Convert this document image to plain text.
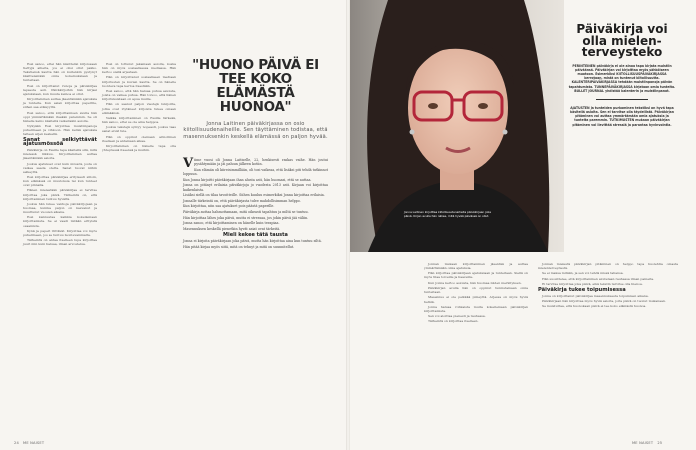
Essi sanoo, ettei hän käsittelisi kirjoissaan tiettyjä aiheita, jos ei olisi ollut pakko. Tekstiensä kautta hän on kuitenkin pystynyt käsittelemään omia kokemuksiaan ja tunteitaan.

Essi on kirjoittanut runoja ja päiväkirjaa lapsesta asti. Päiväkirjoihin hän kirjasi ajatuksiaan, kun muuta keinoa ei ollut.

Kirjoittaminen auttaa jäsentämään ajatuksia ja tunteita. Kun asian kirjoittaa paperille, siihen saa etäisyyttä.

Essi sanoo, että kirjoittamisen avulla hän oppi ymmärtämään itseään paremmin. Se oli hänelle keino käsitellä vaikeitakin asioita.

Nykyään Essi kirjoittaa muistiinpanoja puhelimeen ja vihkoon. Hän kerää ajatuksia talteen arjen keskellä.

Sanat selkiyttävät ajatusmössöä

Päiväkirja on Essille tapa käsitellä sitä, mitä mielessä liikkuu. Kirjoittaminen auttaa jäsentämään asioita.

Joskus ajatukset ovat kuin mössöä, josta on vaikea saada otetta. Sanat tuovat niihin selkeyttä.

Essi kirjoittaa päiväkirjaa erityisesti silloin, kun elämässä on muutoksia tai kun tunteet ovat pinnalla.

Hänen mielestään päiväkirjaa ei tarvitse kirjoittaa joka päivä. Tärkeintä on, että kirjoittaminen tuntuu hyvältä.

Joskus hän lukee vanhoja päiväkirjojaan ja huomaa, kuinka paljon on kasvanut ja muuttunut vuosien aikana.

Essi kannustaa kaikkia kokeilemaan kirjoittamista. Se ei vaadi mitään erityistä osaamista.

Kynä ja paperi riittävät. Kirjoittaa voi myös puhelimeen, jos se tuntuu luontevammalta.

Tärkeintä on antaa itselleen lupa kirjoittaa juuri niin kuin haluaa, ilman arvostelua.

Essi on tottunut jakamaan asioita, koska hän on myös sosiaalisessa mediassa. Hän kertoo siellä arjestaan.

Hän on kirjoittanut sosiaaliseen mediaan kirjoitusten ja kuvien kautta. Se on hänelle luonteva tapa kertoa itsestään.

Essi sanoo, että hän haluaa puhua asioista, joista on vaikea puhua. Hän toivoo, että hänen kirjoituksistaan on apua muille.

Hän on saanut paljon viestejä lukijoilta, jotka ovat löytäneet kirjoista tukea omaan elämäänsä.

Vaikka kirjoittaminen on Essille tärkeää, hän sanoo, ettei se ole aina helppoa.

Joskus tekstejä syntyy nopeasti, joskus taas sanat eivät tule.

Hän on oppinut olemaan armollinen itselleen ja antamaan aikaa.

Kirjoittaminen on hänelle tapa olla yhteydessä itseensä ja muihin.

"HUONO PÄIVÄ EI TEE KOKO ELÄMÄSTÄ HUONOA"
Jonna Laitinen päiväkirjassa on osio kiitollisuudenaiheille. Sen täyttäminen todistaa, että masennuksenkin keskellä elämässä on paljon hyvää.

Viime vuosi oli Jonna Laitiselle, 22, henkisesti raskas vaihe. Hän joutui pysähtymään ja jäi paluun jälkeen kotiin.

Kun elämän oli kiireisimmillään, oli tosi vaikeaa, että lisäksi piti tehdä tutkinnot loppuun.

Kun Jonna kirjoitti päiväkirjaan ihan alusta asti, hän huomasi, että se auttaa.

Jonna on pitänyt erilaisia päiväkirjoja jo vuodesta 2013 asti. Kirjaan voi kirjoittaa kaikenlaista.

Lisäksi siellä on tilaa tavoitteille. Siihen kuuluu esimerkiksi Jonna kirjoittaa erilaisia.

Jonnalle tärkeintä on, että päiväkirjasta tulee mahdollisimman helppo.

Kun kirjoittaa, niin saa ajatukset pois päästä paperille.

Päiväkirja auttaa hahmottamaan, mitä oikeasti tapahtuu ja miltä se tuntuu.

Hän kirjoittaa lähes joka päivä, mutta ei stressaa, jos jokin päivä jää väliin.

Jonna sanoo, että kirjoittaminen on hänelle kuin terapiaa.

Masennuksen keskellä pienetkin hyvät asiat ovat tärkeitä.

Mieli kekee tätä tausta

Jonna ei kirjoita päiväkirjaan joka päivä, mutta hän kirjoittaa aina kun tuntuu siltä.

Hän pitää kirjaa myös siitä, mitä on tehnyt ja mitä on suunnitellut.

24 ME NAISET
Jonna Laitinen kirjoittaa kiitollisuudenaiheita päiväkirjaan joka päivä. Kirjan avulla hän näkee, mitä hyvää päivässä on ollut.
Päiväkirja voi olla mielen-terveysteko
PERINTEINEN päiväkirja ei ole ainoa tapa kirjata muistiin päiväänsä. Päiväkirjan voi kirjoittaa myös sähköiseen muotoon. Esimerkiksi KIITOLLISUUSPÄIVÄKIRJASSA kerrotaan, mistä on tuntenut kiitollisuutta. KALENTERIPÄIVÄKIRJASSA tehdään muistiinpanoja päivän tapahtumista. TUNNEPÄIVÄKIRJASSA kirjataan omia tunteita. BULLET JOURNAL yhdistää kalenterin ja muistiinpanot.
AJATUSTEN ja tunteiden purkaminen tekstiksi on hyvä tapa käsitellä asioita. Sen ei tarvitse olla täydellistä. Päiväkirjan pitäminen voi auttaa ymmärtämään omia ajatuksia ja tunteita paremmin. TUTKIMUSTEN mukaan päiväkirjan pitäminen voi lievittää stressiä ja parantaa hyvinvointia.

Jonnan mukaan kirjoittaminen jäsentää ja auttaa ymmärtämään omia ajatuksia.

Hän kirjoittaa päiväkirjaan ajatuksiaan ja tunteitaan. Siellä on myös tilaa toiveille ja haaveille.

Kun Jonna kertoo asioista, hän huomaa niiden merkityksen.

Päiväkirjan avulla hän on oppinut tunnistamaan omia tunteitaan.

Masennus ei ole pelkkää pimeyttä. Arjessa on myös hyviä hetkiä.

Jonna haluaa rohkaista muita kokeilemaan päiväkirjan kirjoittamista.

Sen voi aloittaa pienesti ja rauhassa.

Tärkeintä on kirjoittaa itselleen.

Jonnan mielestä päiväkirjan pitäminen on helppo tapa huolehtia omasta mielenterveydestä.

Se ei maksa mitään, ja sen voi tehdä missä tahansa.

Hän suosittelee, että kirjoittaminen aloitetaan rauhassa ilman paineita.

Ei tarvitse kirjoittaa joka päivä, eikä tekstin tarvitse olla hienoa.

Päiväkirja tukee toipumisessa

Jonna on kirjoittanut päiväkirjaa masennuksesta toipumisen aikana.

Päiväkirjaan hän kirjoittaa myös hyviä asioita, joita päivä on tuonut mukanaan.

Se muistuttaa, että huonokaan päivä ei tee koko elämästä huonoa.

ME NAISET 25
